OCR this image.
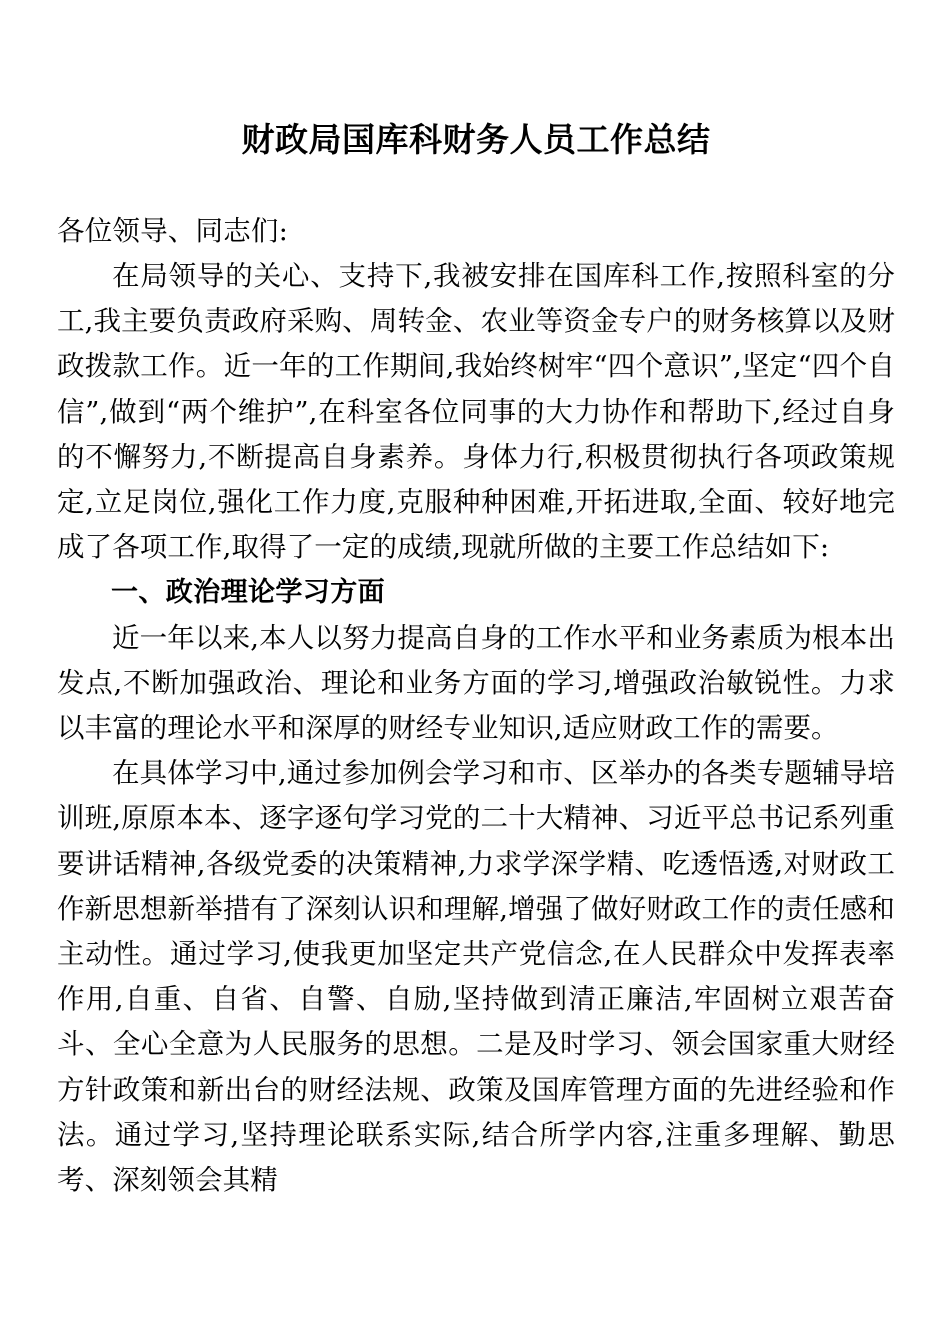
财政局国库科财务人员工作总结

各位领导、同志们:

在局领导的关心、支持下,我被安排在国库科工作,按照科室的分工,我主要负责政府采购、周转金、农业等资金专户的财务核算以及财政拨款工作。近一年的工作期间,我始终树牢“四个意识”,坚定“四个自信”,做到“两个维护”,在科室各位同事的大力协作和帮助下,经过自身的不懈努力,不断提高自身素养。身体力行,积极贯彻执行各项政策规定,立足岗位,强化工作力度,克服种种困难,开拓进取,全面、较好地完成了各项工作,取得了一定的成绩,现就所做的主要工作总结如下:

一、政治理论学习方面

近一年以来,本人以努力提高自身的工作水平和业务素质为根本出发点,不断加强政治、理论和业务方面的学习,增强政治敏锐性。力求以丰富的理论水平和深厚的财经专业知识,适应财政工作的需要。

在具体学习中,通过参加例会学习和市、区举办的各类专题辅导培训班,原原本本、逐字逐句学习党的二十大精神、习近平总书记系列重要讲话精神,各级党委的决策精神,力求学深学精、吃透悟透,对财政工作新思想新举措有了深刻认识和理解,增强了做好财政工作的责任感和主动性。通过学习,使我更加坚定共产党信念,在人民群众中发挥表率作用,自重、自省、自警、自励,坚持做到清正廉洁,牢固树立艰苦奋斗、全心全意为人民服务的思想。二是及时学习、领会国家重大财经方针政策和新出台的财经法规、政策及国库管理方面的先进经验和作法。通过学习,坚持理论联系实际,结合所学内容,注重多理解、勤思考、深刻领会其精
